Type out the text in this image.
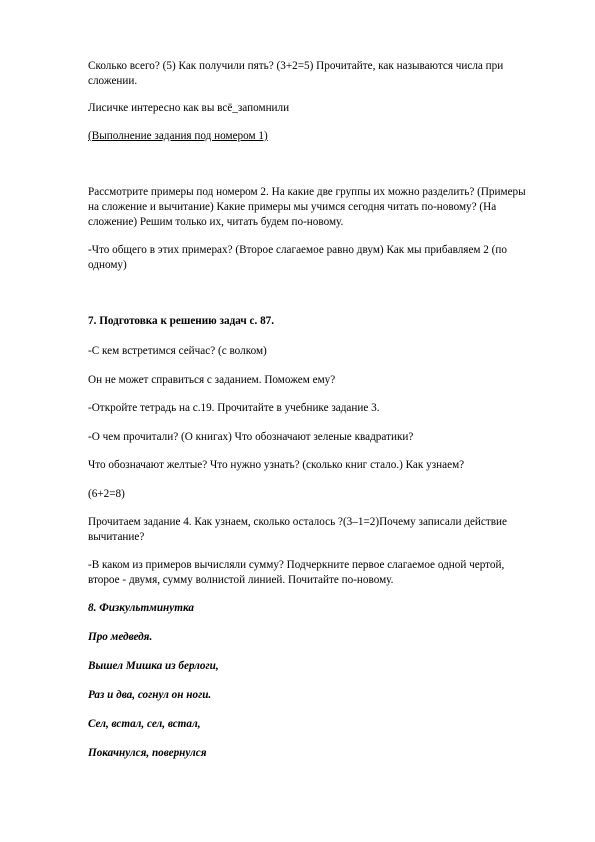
Сколько всего? (5) Как получили пять? (3+2=5) Прочитайте, как называются числа при сложении.

Лисичке интересно как вы всё_запомнили

(Выполнение задания под номером 1)

Рассмотрите примеры под номером 2. На какие две группы их можно разделить? (Примеры на сложение и вычитание) Какие примеры мы учимся сегодня читать по-новому? (На сложение) Решим только их, читать будем по-новому.

-Что общего в этих примерах? (Второе слагаемое равно двум) Как мы прибавляем 2 (по одному)

7. Подготовка к решению задач с. 87.

-С кем встретимся сейчас? (с волком)

Он не может справиться с заданием. Поможем ему?

-Откройте тетрадь на с.19. Прочитайте в учебнике задание 3.

-О чем прочитали? (О книгах) Что обозначают зеленые квадратики?

Что обозначают желтые? Что нужно узнать? (сколько книг стало.) Как узнаем?

(6+2=8)

Прочитаем задание 4. Как узнаем, сколько осталось ?(3–1=2)Почему записали действие вычитание?

-В каком из примеров вычисляли сумму? Подчеркните первое слагаемое одной чертой, второе - двумя, сумму волнистой линией. Почитайте по-новому.

8. Физкультминутка

Про медведя.

Вышел Мишка из берлоги,

Раз и два, согнул он ноги.

Сел, встал, сел, встал,

Покачнулся, повернулся
